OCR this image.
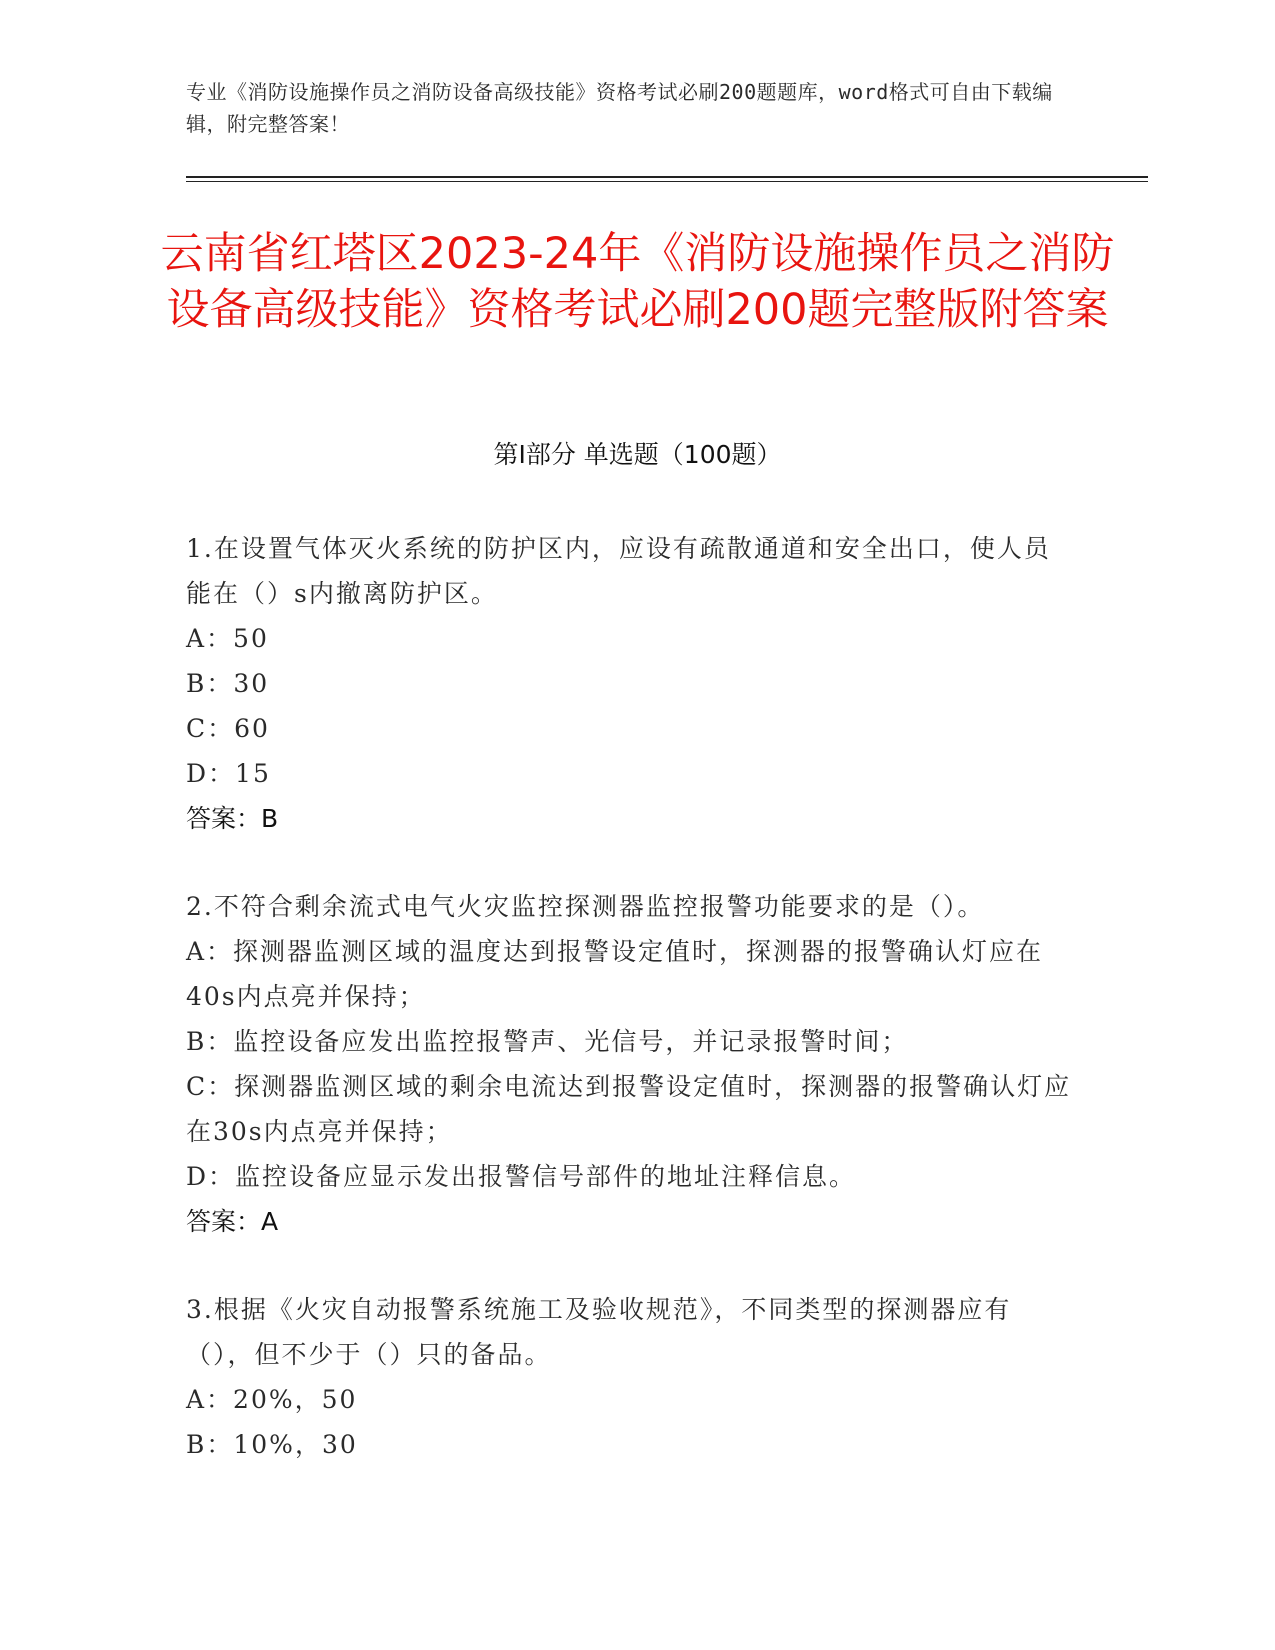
专业《消防设施操作员之消防设备高级技能》资格考试必刷200题题库，word格式可自由下载编辑，附完整答案！
云南省红塔区2023-24年《消防设施操作员之消防设备高级技能》资格考试必刷200题完整版附答案
第I部分 单选题（100题）
1.在设置气体灭火系统的防护区内，应设有疏散通道和安全出口，使人员能在（）s内撤离防护区。
A：50
B：30
C：60
D：15
答案：B
2.不符合剩余流式电气火灾监控探测器监控报警功能要求的是（）。
A：探测器监测区域的温度达到报警设定值时，探测器的报警确认灯应在40s内点亮并保持；
B：监控设备应发出监控报警声、光信号，并记录报警时间；
C：探测器监测区域的剩余电流达到报警设定值时，探测器的报警确认灯应在30s内点亮并保持；
D：监控设备应显示发出报警信号部件的地址注释信息。
答案：A
3.根据《火灾自动报警系统施工及验收规范》，不同类型的探测器应有（），但不少于（）只的备品。
A：20%，50
B：10%，30
